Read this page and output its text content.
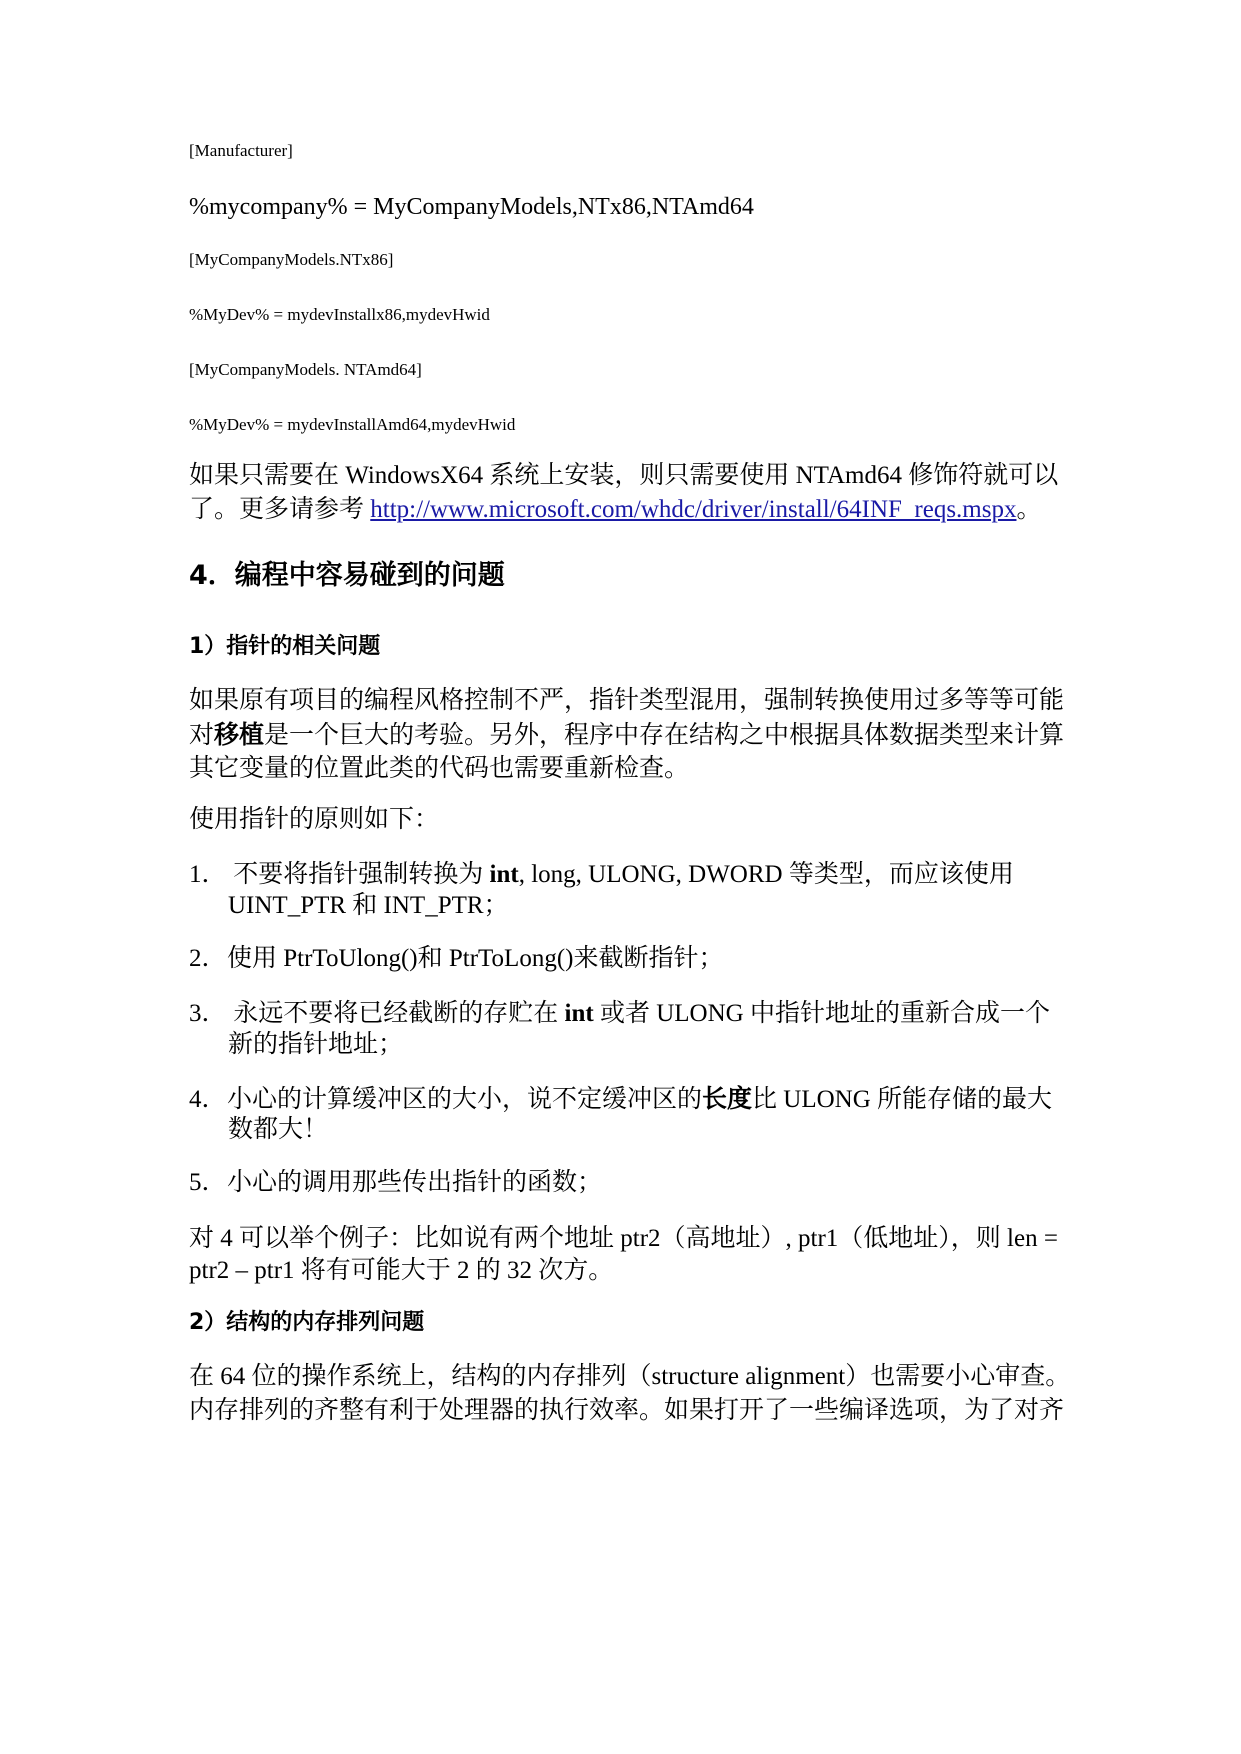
[Manufacturer]
%mycompany% = MyCompanyModels,NTx86,NTAmd64
[MyCompanyModels.NTx86]
%MyDev% = mydevInstallx86,mydevHwid
[MyCompanyModels. NTAmd64]
%MyDev% = mydevInstallAmd64,mydevHwid
如果只需要在 WindowsX64 系统上安装，则只需要使用 NTAmd64 修饰符就可以
了。更多请参考 http://www.microsoft.com/whdc/driver/install/64INF_reqs.mspx。
4．编程中容易碰到的问题
1）指针的相关问题
如果原有项目的编程风格控制不严，指针类型混用，强制转换使用过多等等可能
对移植是一个巨大的考验。另外，程序中存在结构之中根据具体数据类型来计算
其它变量的位置此类的代码也需要重新检查。
使用指针的原则如下：
1． 不要将指针强制转换为 int, long, ULONG, DWORD 等类型，而应该使用
UINT_PTR 和 INT_PTR；
2．使用 PtrToUlong()和 PtrToLong()来截断指针；
3． 永远不要将已经截断的存贮在 int 或者 ULONG 中指针地址的重新合成一个
新的指针地址；
4．小心的计算缓冲区的大小，说不定缓冲区的长度比 ULONG 所能存储的最大
数都大！
5．小心的调用那些传出指针的函数；
对 4 可以举个例子：比如说有两个地址 ptr2（高地址）, ptr1（低地址），则 len =
ptr2 – ptr1 将有可能大于 2 的 32 次方。
2）结构的内存排列问题
在 64 位的操作系统上，结构的内存排列（structure alignment）也需要小心审查。
内存排列的齐整有利于处理器的执行效率。如果打开了一些编译选项，为了对齐
